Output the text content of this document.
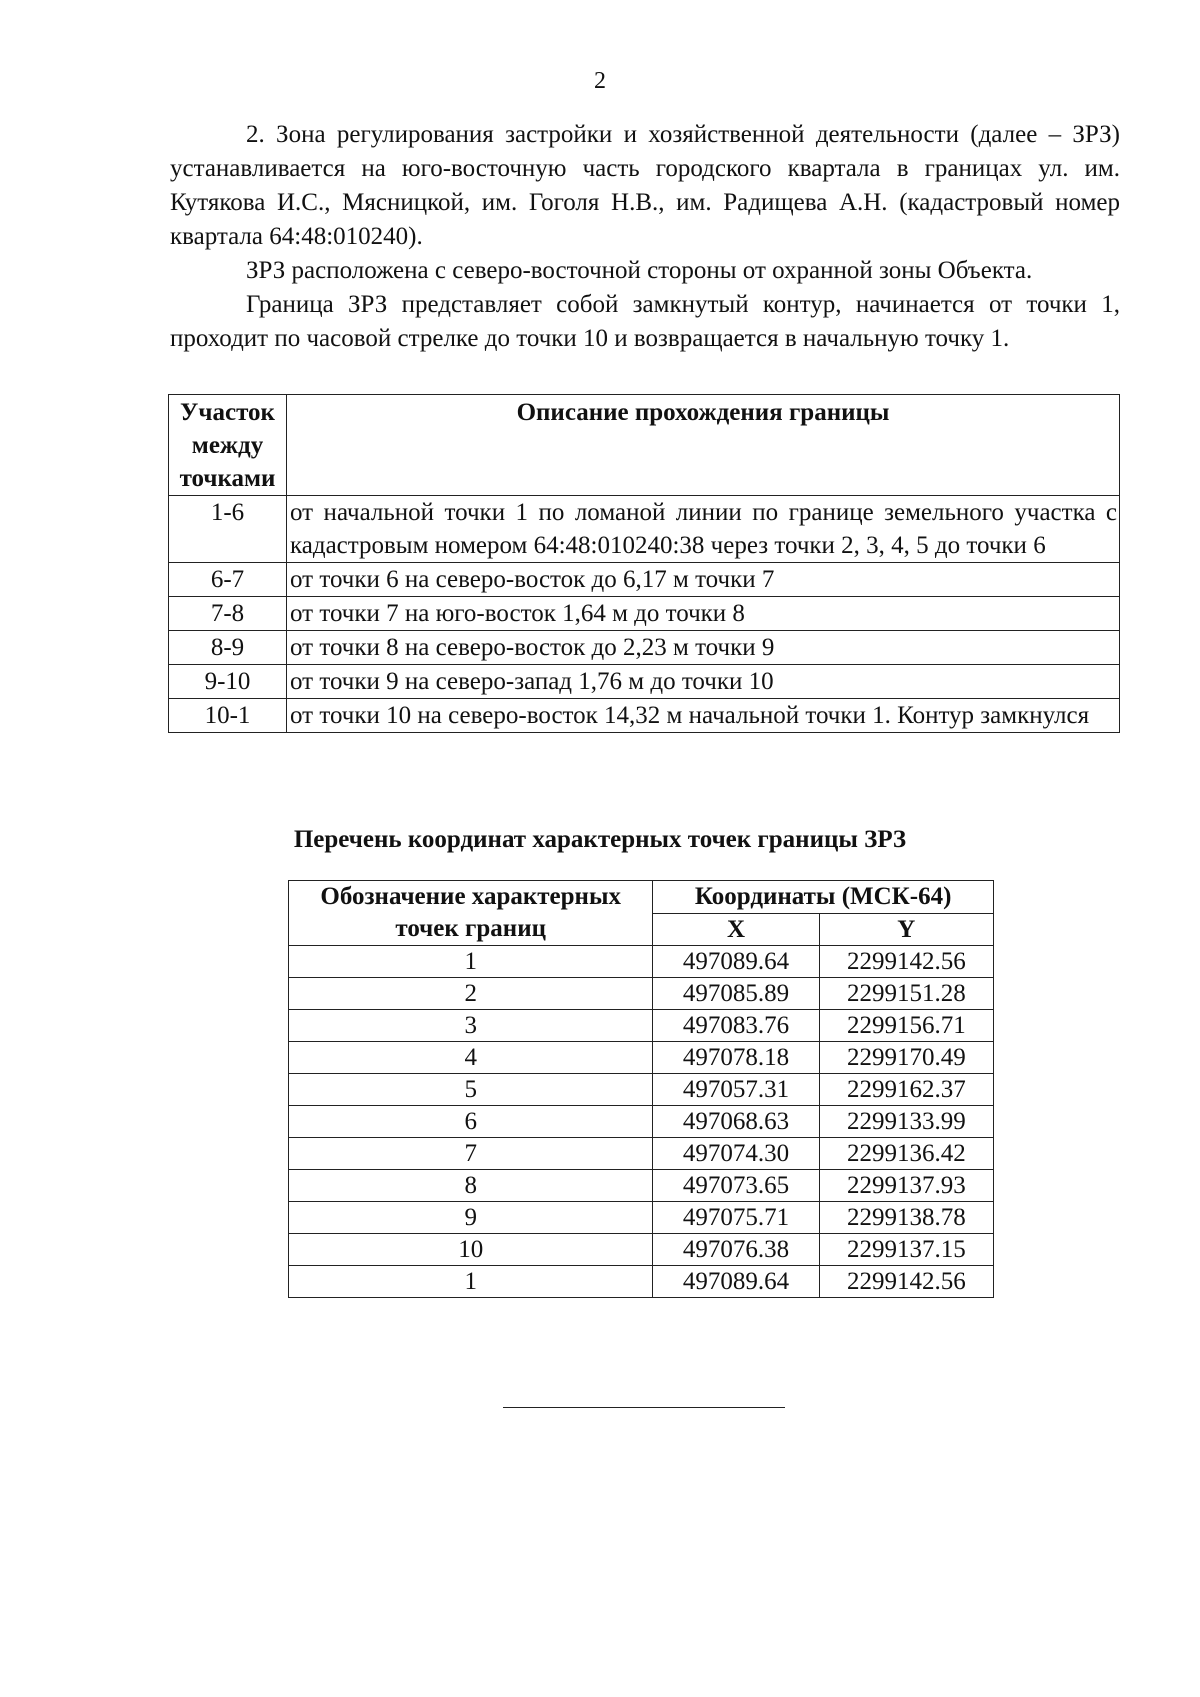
2
2. Зона регулирования застройки и хозяйственной деятельности (далее – ЗРЗ) устанавливается на юго-восточную часть городского квартала в границах ул. им. Кутякова И.С., Мясницкой, им. Гоголя Н.В., им. Радищева А.Н. (кадастровый номер квартала 64:48:010240).
ЗРЗ расположена с северо-восточной стороны от охранной зоны Объекта.
Граница ЗРЗ представляет собой замкнутый контур, начинается от точки 1, проходит по часовой стрелке до точки 10 и возвращается в начальную точку 1.
Участок между точками	Описание прохождения границы
1-6	от начальной точки 1 по ломаной линии по границе земельного участка с кадастровым номером 64:48:010240:38 через точки 2, 3, 4, 5 до точки 6
6-7	от точки 6 на северо-восток до 6,17 м точки 7
7-8	от точки 7 на юго-восток 1,64 м до точки 8
8-9	от точки 8 на северо-восток до 2,23 м точки 9
9-10	от точки 9 на северо-запад 1,76 м до точки 10
10-1	от точки 10 на северо-восток 14,32 м начальной точки 1. Контур замкнулся
Перечень координат характерных точек границы ЗРЗ
Обозначение характерных точек границ	Координаты (МСК-64)	
	X	Y
1	497089.64	2299142.56
2	497085.89	2299151.28
3	497083.76	2299156.71
4	497078.18	2299170.49
5	497057.31	2299162.37
6	497068.63	2299133.99
7	497074.30	2299136.42
8	497073.65	2299137.93
9	497075.71	2299138.78
10	497076.38	2299137.15
1	497089.64	2299142.56
